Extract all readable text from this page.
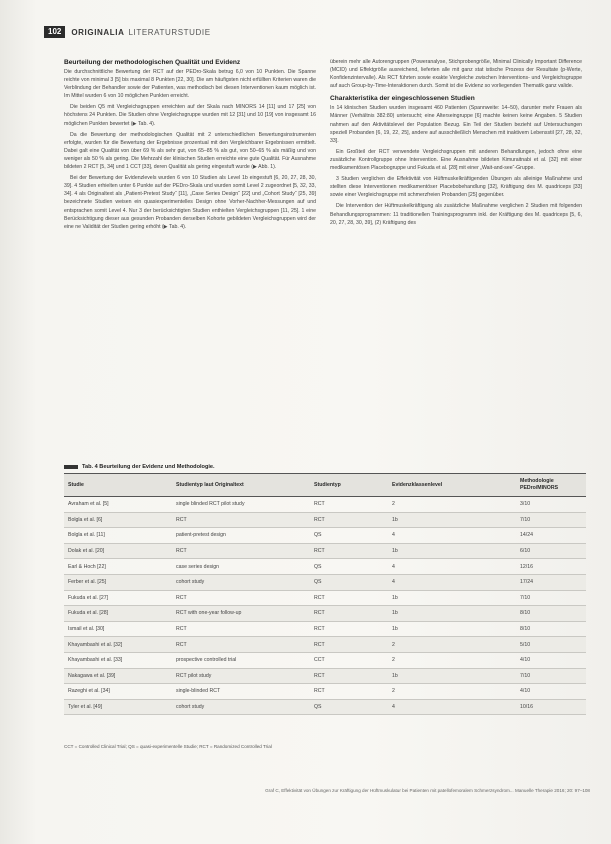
102	ORIGINALIA LITERATURSTUDIE
Beurteilung der methodologischen Qualität und Evidenz

Die durchschnittliche Bewertung der RCT auf der PEDro-Skala betrug 6,0 von 10 Punkten. Die Spanne reichte von minimal 3 [5] bis maximal 8 Punkten [22, 30]. Die am häufigsten nicht erfüllten Kriterien waren die Verblindung der Behandler sowie der Patienten, was methodisch bei diesen Interventionen kaum möglich ist. Im Mittel wurden 6 von 10 möglichen Punkten erreicht.

Die beiden Q5 mit Vergleichsgruppen erreichten auf der Skala nach MINORS 14 [11] und 17 [25] von höchstens 24 Punkten. Die Studien ohne Vergleichsgruppe wurden mit 12 [31] und 10 [19] von insgesamt 16 möglichen Punkten bewertet (▶ Tab. 4).

Da die Bewertung der methodologischen Qualität mit 2 unterschiedlichen Bewertungsinstrumenten erfolgte, wurden für die Bewertung der Ergebnisse prozentual mit den Vergleichbarer Ergebnissen ermittelt. Dabei galt eine Qualität von über 69 % als sehr gut, von 65–85 % als gut, von 50–65 % als mäßig und von weniger als 50 % als gering. Die Mehrzahl der klinischen Studien erreichte eine gute Qualität. Für Ausnahme bildeten 2 RCT [5, 34] und 1 CCT [33], deren Qualität als gering eingestuft wurde (▶ Abb. 1).

Bei der Bewertung der Evidenzlevels wurden 6 von 10 Studien als Level 1b eingestuft [6, 20, 27, 28, 30, 39]. 4 Studien erhielten unter 6 Punkte auf der PEDro-Skala und wurden somit Level 2 zugeordnet [5, 32, 33, 34]. 4 als Originaltext als „Patient-Pretest Study“ [11], „Case Series Design“ [22] und „Cohort Study“ [25, 39] bezeichnete Studien weisen ein quasiexperimentelles Design ohne Vorher-Nachher-Messungen auf und entsprachen somit Level 4. Nur 3 der berücksichtigten Studien enthielten Vergleichsgruppen [11, 25]. 1 eine Berücksichtigung dieser aus gesunden Probanden derselben Kohorte gebildeten Vergleichsgruppen wird der eine ne Validität der Studien gering erhöht (▶ Tab. 4).

überein mehr alle Autorengruppen (Poweranalyse, Stichprobengröße, Minimal Clinically Important Difference (MCID) und Effektgröße ausreichend, lieferten alle mit ganz stat istische Prozess der Resultate (p-Werte, Konfidenzintervalle). Als RCT führten sowie exakte Vergleiche zwischen Interventions- und Vergleichsgruppe auf auch Group-by-Time-Interaktionen durch. Somit ist die Evidenz so vorliegenden Thematik ganz valide.

Charakteristika der eingeschlossenen Studien

In 14 klinischen Studien wurden insgesamt 460 Patienten (Spannweite: 14–50), darunter mehr Frauen als Männer (Verhältnis 382:80) untersucht; eine Alterseingruppe [6] machte keinen keine Angaben. 5 Studien nahmen auf den Aktivitätslevel der Population Bezug. Ein Teil der Studien bezieht auf Untersuchungen speziell Probanden [6, 19, 22, 25], andere auf ausschließlich Menschen mit inaktivem Lebensstil [27, 28, 32, 33].

Ein Großteil der RCT verwendete Vergleichsgruppen mit anderen Behandlungen, jedoch ohne eine zusätzliche Kontrollgruppe ohne Intervention. Eine Ausnahme bildeten Kimuraitnabi et al. [32] mit einer medikamentösen Placebogruppe und Fukuda et al. [28] mit einer „Wait-and-see“-Gruppe.

3 Studien verglichen die Effektivität von Hüftmuskelkräftigenden Übungen als alleinige Maßnahme und stellten diese Interventionen medikamentöser Placebobehandlung [32], Kräftigung des M. quadriceps [33] sowie einer Vergleichsgruppe mit schmerzfreien Probanden [25] gegenüber.

Die Intervention der Hüftmuskelkräftigung als zusätzliche Maßnahme verglichen 2 Studien mit folgenden Behandlungsprogrammen: 11 traditionellen Trainingsprogramm inkl. der Kräftigung des M. quadriceps [5, 6, 20, 27, 28, 30, 39], (2) Kräftigung des

Tab. 4 Beurteilung der Evidenz und Methodologie.
Studie	Studientyp laut Originaltext	Studientyp	Evidenzklassenlevel	Methodologie PEDro/MINORS
Avraham et al. [5]	single blinded RCT pilot study	RCT	2	3/10
Bolgla et al. [6]	RCT	RCT	1b	7/10
Bolgla et al. [11]	patient-pretest design	QS	4	14/24
Dolak et al. [20]	RCT	RCT	1b	6/10
Earl & Hoch [22]	case series design	QS	4	12/16
Ferber et al. [25]	cohort study	QS	4	17/24
Fukuda et al. [27]	RCT	RCT	1b	7/10
Fukuda et al. [28]	RCT with one-year follow-up	RCT	1b	8/10
Ismail et al. [30]	RCT	RCT	1b	8/10
Khayambashi et al. [32]	RCT	RCT	2	5/10
Khayambashi et al. [33]	prospective controlled trial	CCT	2	4/10
Nakagawa et al. [39]	RCT pilot study	RCT	1b	7/10
Razeghi et al. [34]	single-blinded RCT	RCT	2	4/10
Tyler et al. [49]	cohort study	QS	4	10/16
CCT = Controlled Clinical Trial; QS = quasi-experimentelle Studie; RCT = Randomized Controlled Trial
Graf C, Effektivität von Übungen zur Kräftigung der Hüftmuskulatur bei Patienten mit patellofemoralem Schmerzsyndrom... Manuelle Therapie 2016; 20: 97–108
